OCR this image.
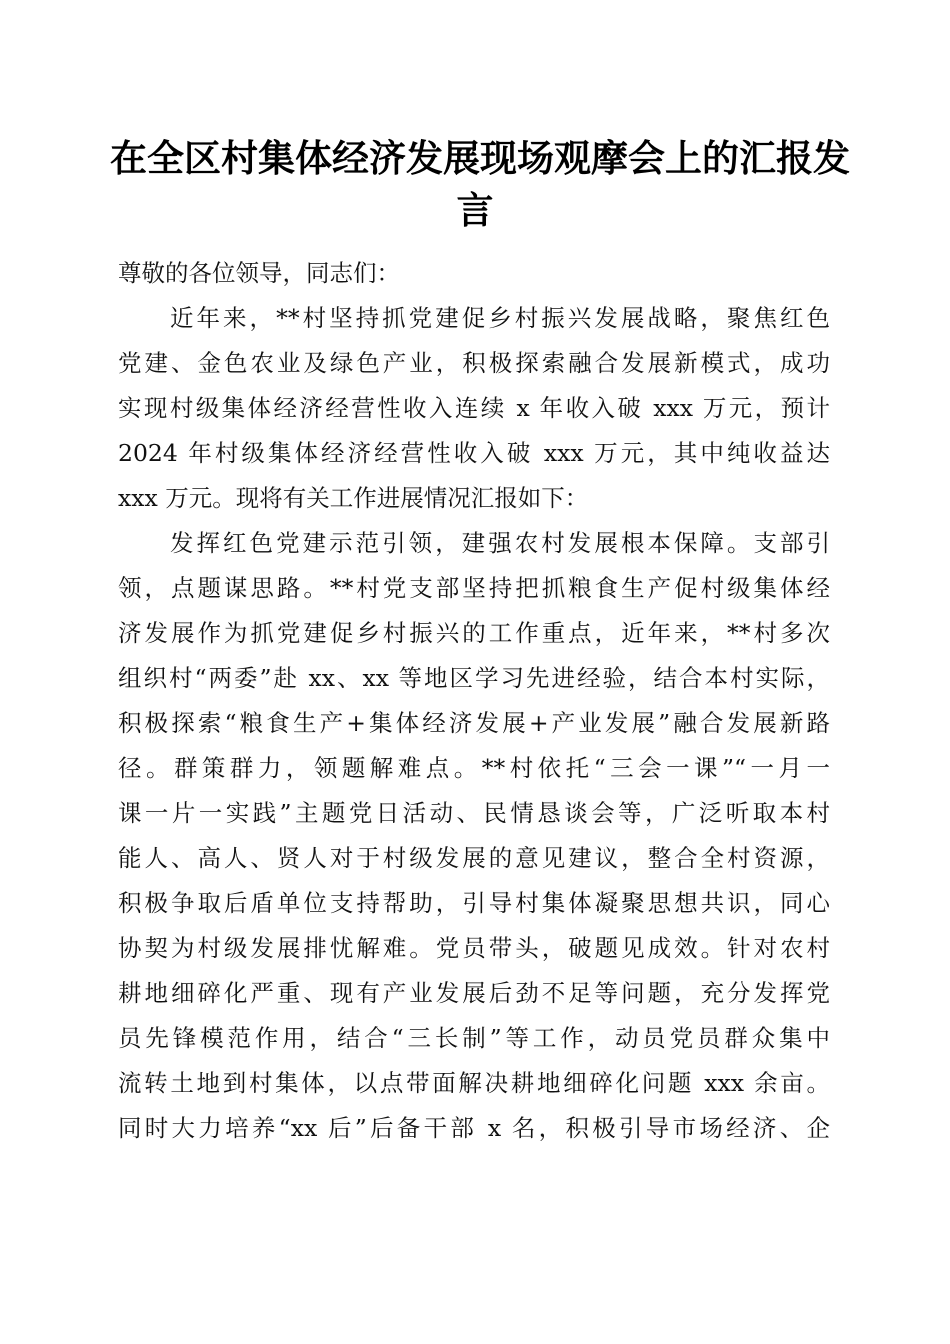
在全区村集体经济发展现场观摩会上的汇报发
言
尊敬的各位领导，同志们：
近年来，**村坚持抓党建促乡村振兴发展战略，聚焦红色
党建、金色农业及绿色产业，积极探索融合发展新模式，成功
实现村级集体经济经营性收入连续 x 年收入破 xxx 万元，预计
2024 年村级集体经济经营性收入破 xxx 万元，其中纯收益达
xxx 万元。现将有关工作进展情况汇报如下：
发挥红色党建示范引领，建强农村发展根本保障。支部引
领，点题谋思路。**村党支部坚持把抓粮食生产促村级集体经
济发展作为抓党建促乡村振兴的工作重点，近年来，**村多次
组织村“两委”赴 xx、xx 等地区学习先进经验，结合本村实际，
积极探索“粮食生产+集体经济发展+产业发展”融合发展新路
径。群策群力，领题解难点。**村依托“三会一课”“一月一
课一片一实践”主题党日活动、民情恳谈会等，广泛听取本村
能人、高人、贤人对于村级发展的意见建议，整合全村资源，
积极争取后盾单位支持帮助，引导村集体凝聚思想共识，同心
协契为村级发展排忧解难。党员带头，破题见成效。针对农村
耕地细碎化严重、现有产业发展后劲不足等问题，充分发挥党
员先锋模范作用，结合“三长制”等工作，动员党员群众集中
流转土地到村集体，以点带面解决耕地细碎化问题 xxx 余亩。
同时大力培养“xx 后”后备干部 x 名，积极引导市场经济、企
